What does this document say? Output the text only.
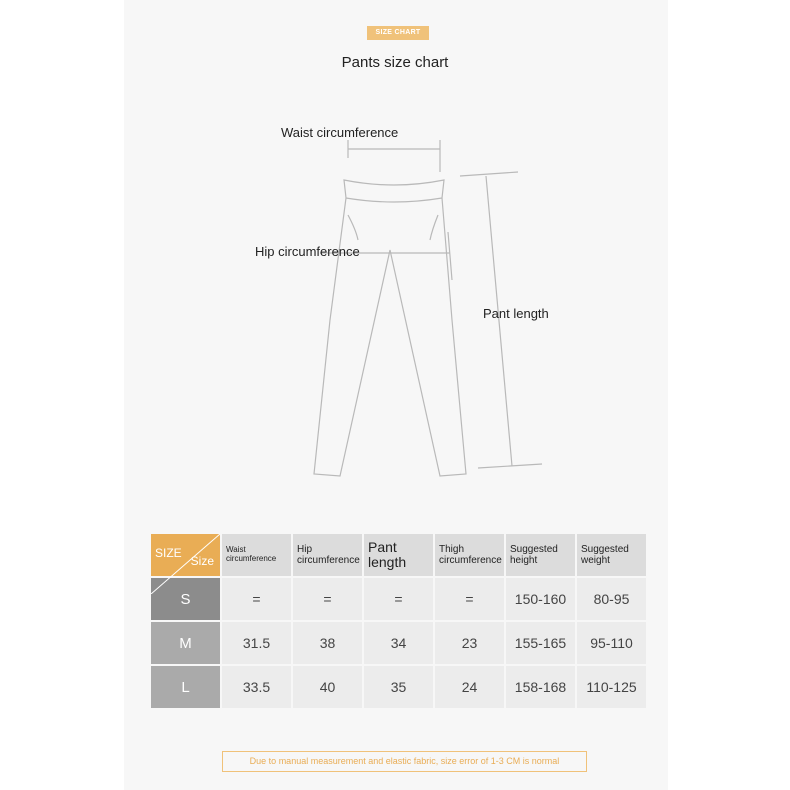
SIZE CHART
Pants size chart
Waist circumference
Hip circumference
Pant length
SIZE
Size	Waist circumference	Hip circumference	Pant length	Thigh circumference	Suggested height	Suggested weight
S	=	=	=	=	150-160	80-95
M	31.5	38	34	23	155-165	95-110
L	33.5	40	35	24	158-168	110-125
Due to manual measurement and elastic fabric, size error of 1-3 CM is normal
